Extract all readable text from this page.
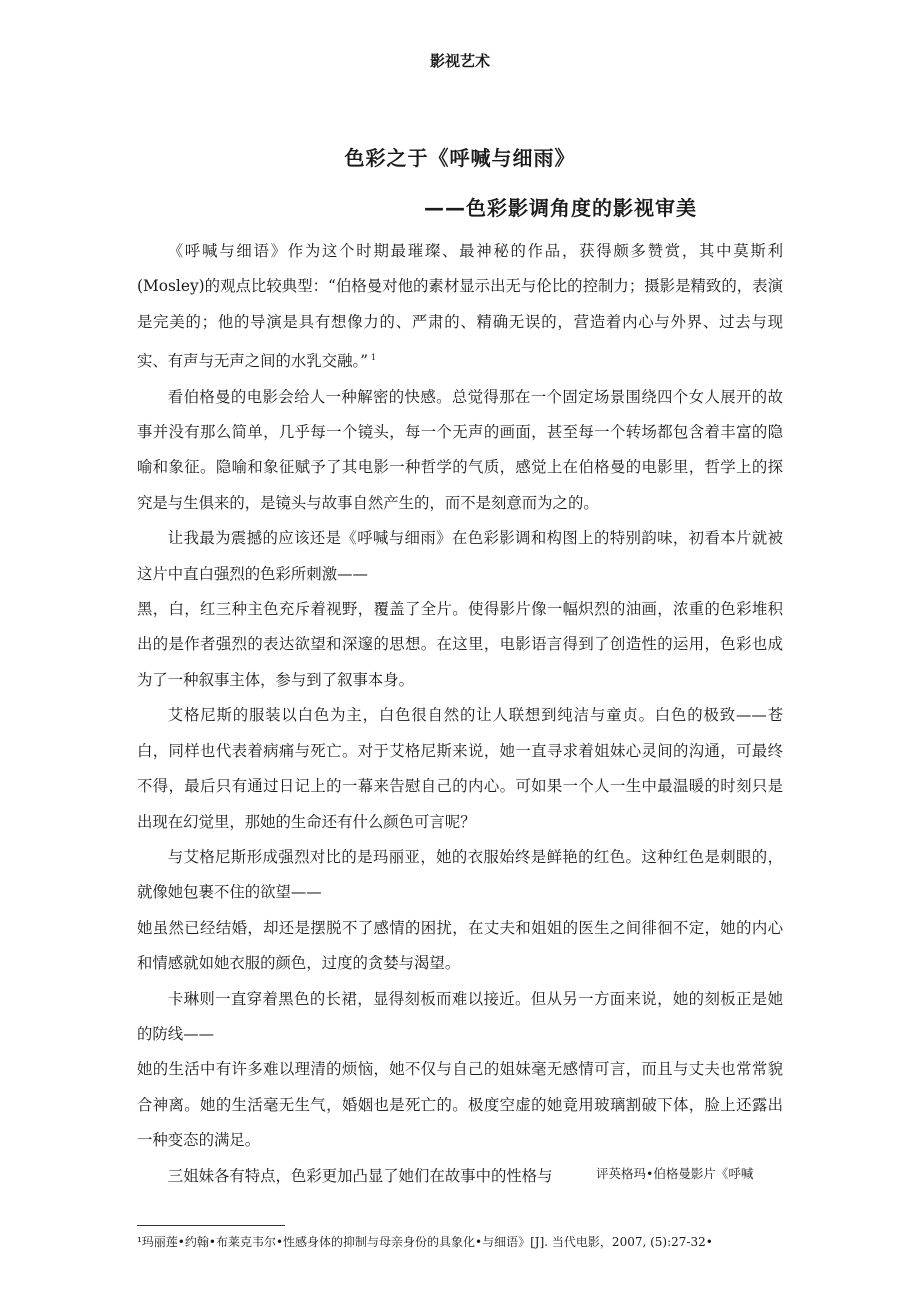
影视艺术
色彩之于《呼喊与细雨》
——色彩影调角度的影视审美

《呼喊与细语》作为这个时期最璀璨、最神秘的作品，获得颇多赞赏，其中莫斯利(Mosley)的观点比较典型：“伯格曼对他的素材显示出无与伦比的控制力；摄影是精致的，表演是完美的；他的导演是具有想像力的、严肃的、精确无误的，营造着内心与外界、过去与现实、有声与无声之间的水乳交融。” $^1$

看伯格曼的电影会给人一种解密的快感。总觉得那在一个固定场景围绕四个女人展开的故事并没有那么简单，几乎每一个镜头，每一个无声的画面，甚至每一个转场都包含着丰富的隐喻和象征。隐喻和象征赋予了其电影一种哲学的气质，感觉上在伯格曼的电影里，哲学上的探究是与生俱来的，是镜头与故事自然产生的，而不是刻意而为之的。

让我最为震撼的应该还是《呼喊与细雨》在色彩影调和构图上的特别韵味，初看本片就被这片中直白强烈的色彩所刺激——

黑，白，红三种主色充斥着视野，覆盖了全片。使得影片像一幅炽烈的油画，浓重的色彩堆积出的是作者强烈的表达欲望和深邃的思想。在这里，电影语言得到了创造性的运用，色彩也成为了一种叙事主体，参与到了叙事本身。

艾格尼斯的服装以白色为主，白色很自然的让人联想到纯洁与童贞。白色的极致——苍白，同样也代表着病痛与死亡。对于艾格尼斯来说，她一直寻求着姐妹心灵间的沟通，可最终不得，最后只有通过日记上的一幕来告慰自己的内心。可如果一个人一生中最温暖的时刻只是出现在幻觉里，那她的生命还有什么颜色可言呢？

与艾格尼斯形成强烈对比的是玛丽亚，她的衣服始终是鲜艳的红色。这种红色是刺眼的，就像她包裹不住的欲望——

她虽然已经结婚，却还是摆脱不了感情的困扰，在丈夫和姐姐的医生之间徘徊不定，她的内心和情感就如她衣服的颜色，过度的贪婪与渴望。

卡琳则一直穿着黑色的长裙，显得刻板而难以接近。但从另一方面来说，她的刻板正是她的防线——

她的生活中有许多难以理清的烦恼，她不仅与自己的姐妹毫无感情可言，而且与丈夫也常常貌合神离。她的生活毫无生气，婚姻也是死亡的。极度空虚的她竟用玻璃割破下体，脸上还露出一种变态的满足。

三姐妹各有特点，色彩更加凸显了她们在故事中的性格与	评英格玛•伯格曼影片《呼喊
¹玛丽莲•约翰•布莱克韦尔•性感身体的抑制与母亲身份的具象化•与细语》[J]. 当代电影，2007, (5):27-32•
